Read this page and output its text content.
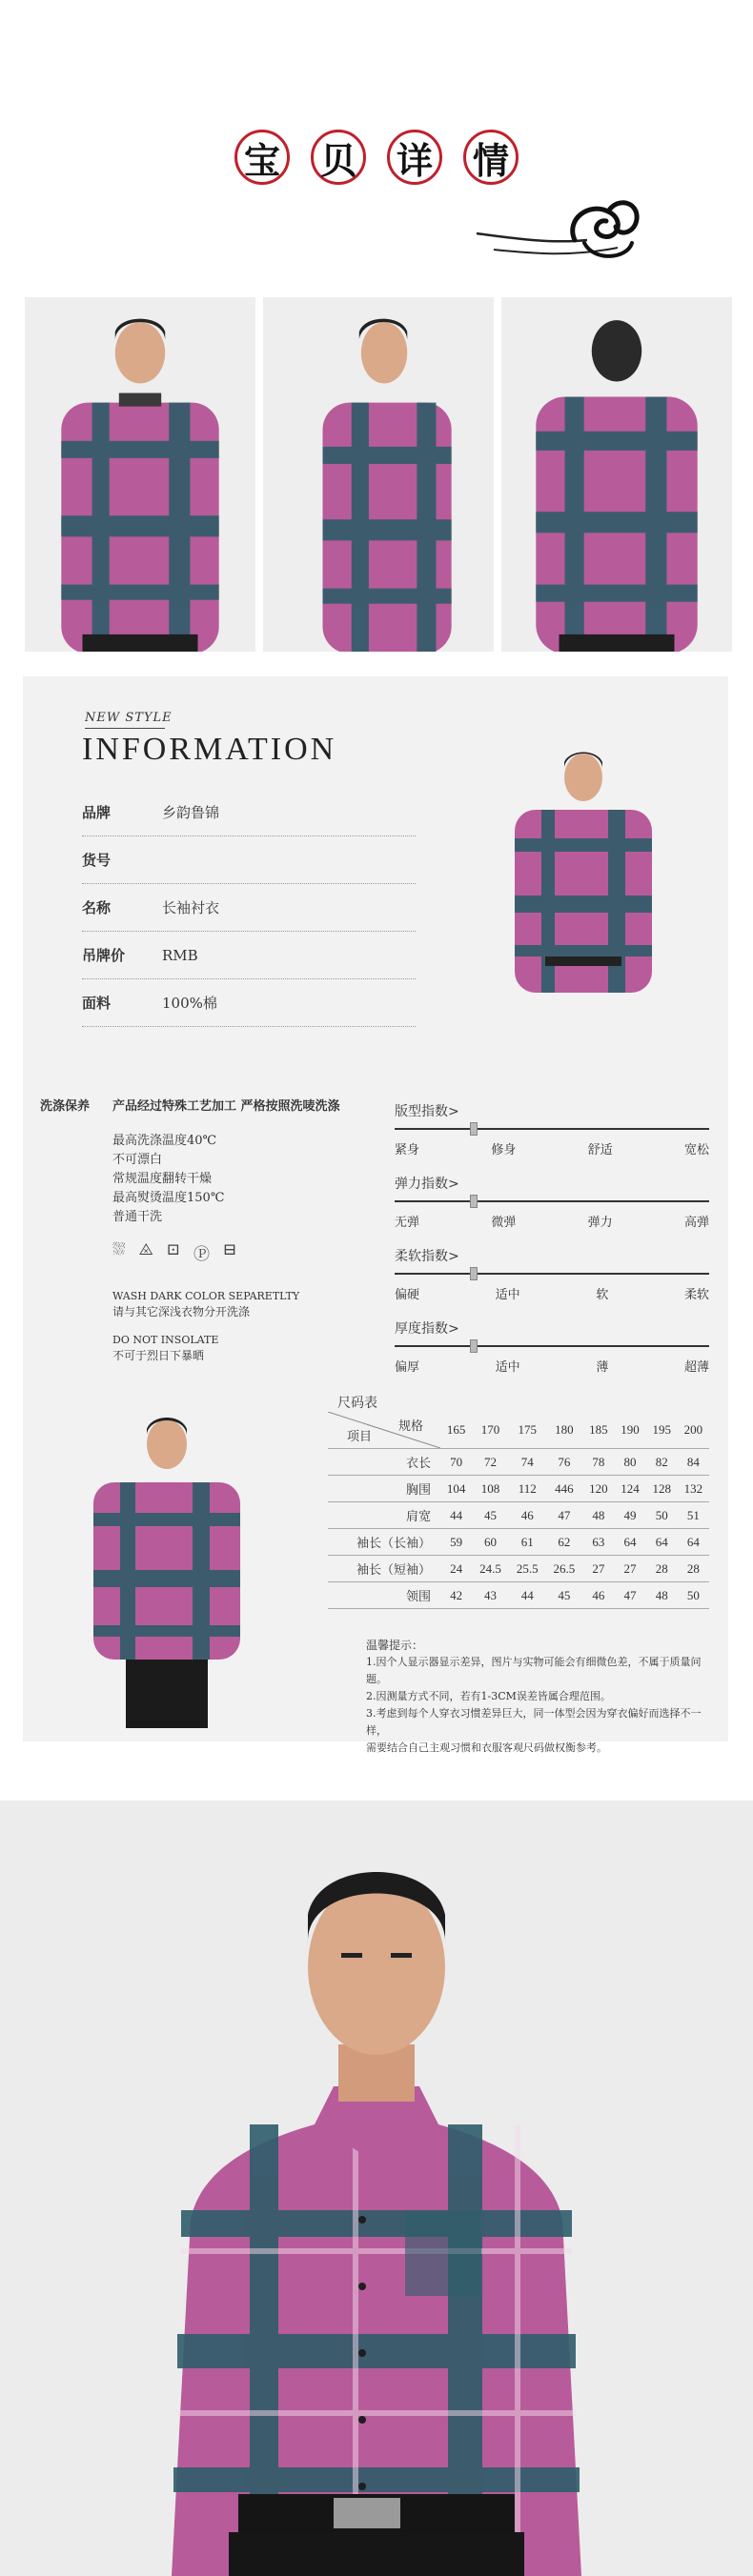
宝 贝 详 情
NEW STYLE
INFORMATION
品牌	乡韵鲁锦
货号
名称	长袖衬衣
吊牌价	RMB
面料	100%棉
洗涤保养 产品经过特殊工艺加工 严格按照洗唛洗涤
最高洗涤温度40℃
不可漂白
常规温度翻转干燥
最高熨烫温度150℃
普通干洗
⛆ ⨻ ⊡ Ⓟ ⊟
WASH DARK COLOR SEPARETLTY
请与其它深浅衣物分开洗涤
DO NOT INSOLATE
不可于烈日下暴晒
版型指数>
紧身	修身	舒适	宽松
弹力指数>
无弹	微弹	弹力	高弹
柔软指数>
偏硬	适中	软	柔软
厚度指数>
偏厚	适中	薄	超薄
尺码表
规格
项目	165	170	175	180	185	190	195	200
衣长	70	72	74	76	78	80	82	84
胸围	104	108	112	446	120	124	128	132
肩宽	44	45	46	47	48	49	50	51
袖长（长袖）	59	60	61	62	63	64	64	64
袖长（短袖）	24	24.5	25.5	26.5	27	27	28	28
领围	42	43	44	45	46	47	48	50
温馨提示：
1.因个人显示器显示差异，图片与实物可能会有细微色差，不属于质量问题。
2.因测量方式不同，若有1-3CM误差皆属合理范围。
3.考虑到每个人穿衣习惯差异巨大，同一体型会因为穿衣偏好而选择不一样，
需要结合自己主观习惯和衣服客观尺码做权衡参考。
